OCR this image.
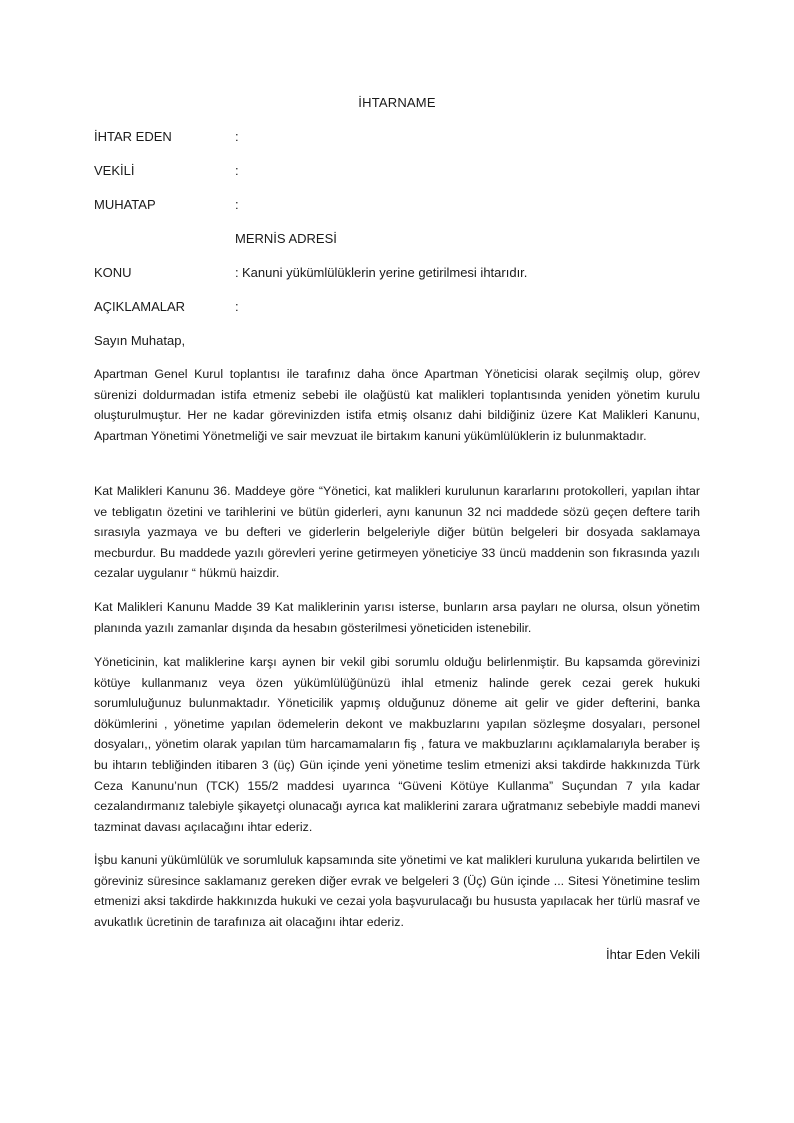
İHTARNAME
İHTAR EDEN	:
VEKİLİ	:
MUHATAP	:
MERNİS ADRESİ
KONU	: Kanuni yükümlülüklerin yerine getirilmesi ihtarıdır.
AÇIKLAMALAR	:
Sayın Muhatap,

Apartman Genel Kurul toplantısı ile tarafınız daha önce Apartman Yöneticisi olarak seçilmiş olup, görev sürenizi doldurmadan istifa etmeniz sebebi ile olağüstü kat malikleri toplantısında yeniden yönetim kurulu oluşturulmuştur. Her ne kadar görevinizden istifa etmiş olsanız dahi bildiğiniz üzere Kat Malikleri Kanunu, Apartman Yönetimi Yönetmeliği ve sair mevzuat ile birtakım kanuni yükümlülüklerin iz bulunmaktadır.

Kat Malikleri Kanunu 36. Maddeye göre “Yönetici, kat malikleri kurulunun kararlarını protokolleri, yapılan ihtar ve tebligatın özetini ve tarihlerini ve bütün giderleri, aynı kanunun 32 nci maddede sözü geçen deftere tarih sırasıyla yazmaya ve bu defteri ve giderlerin belgeleriyle diğer bütün belgeleri bir dosyada saklamaya mecburdur. Bu maddede yazılı görevleri yerine getirmeyen yöneticiye 33 üncü maddenin son fıkrasında yazılı cezalar uygulanır “ hükmü haizdir.

Kat Malikleri Kanunu Madde 39 Kat maliklerinin yarısı isterse, bunların arsa payları ne olursa, olsun yönetim planında yazılı zamanlar dışında da hesabın gösterilmesi yöneticiden istenebilir.

Yöneticinin, kat maliklerine karşı aynen bir vekil gibi sorumlu olduğu belirlenmiştir. Bu kapsamda görevinizi kötüye kullanmanız veya özen yükümlülüğünüzü ihlal etmeniz halinde gerek cezai gerek hukuki sorumluluğunuz bulunmaktadır. Yöneticilik yapmış olduğunuz döneme ait gelir ve gider defterini, banka dökümlerini , yönetime yapılan ödemelerin dekont ve makbuzlarını yapılan sözleşme dosyaları, personel dosyaları,, yönetim olarak yapılan tüm harcamamaların fiş , fatura ve makbuzlarını açıklamalarıyla beraber iş bu ihtarın tebliğinden itibaren 3 (üç) Gün içinde yeni yönetime teslim etmenizi aksi takdirde hakkınızda Türk Ceza Kanunu’nun (TCK) 155/2 maddesi uyarınca “Güveni Kötüye Kullanma” Suçundan 7 yıla kadar cezalandırmanız talebiyle şikayetçi olunacağı ayrıca kat maliklerini zarara uğratmanız sebebiyle maddi manevi tazminat davası açılacağını ihtar ederiz.

İşbu kanuni yükümlülük ve sorumluluk kapsamında site yönetimi ve kat malikleri kuruluna yukarıda belirtilen ve göreviniz süresince saklamanız gereken diğer evrak ve belgeleri 3 (Üç) Gün içinde ... Sitesi Yönetimine teslim etmenizi aksi takdirde hakkınızda hukuki ve cezai yola başvurulacağı bu hususta yapılacak her türlü masraf ve avukatlık ücretinin de tarafınıza ait olacağını ihtar ederiz.

İhtar Eden Vekili
